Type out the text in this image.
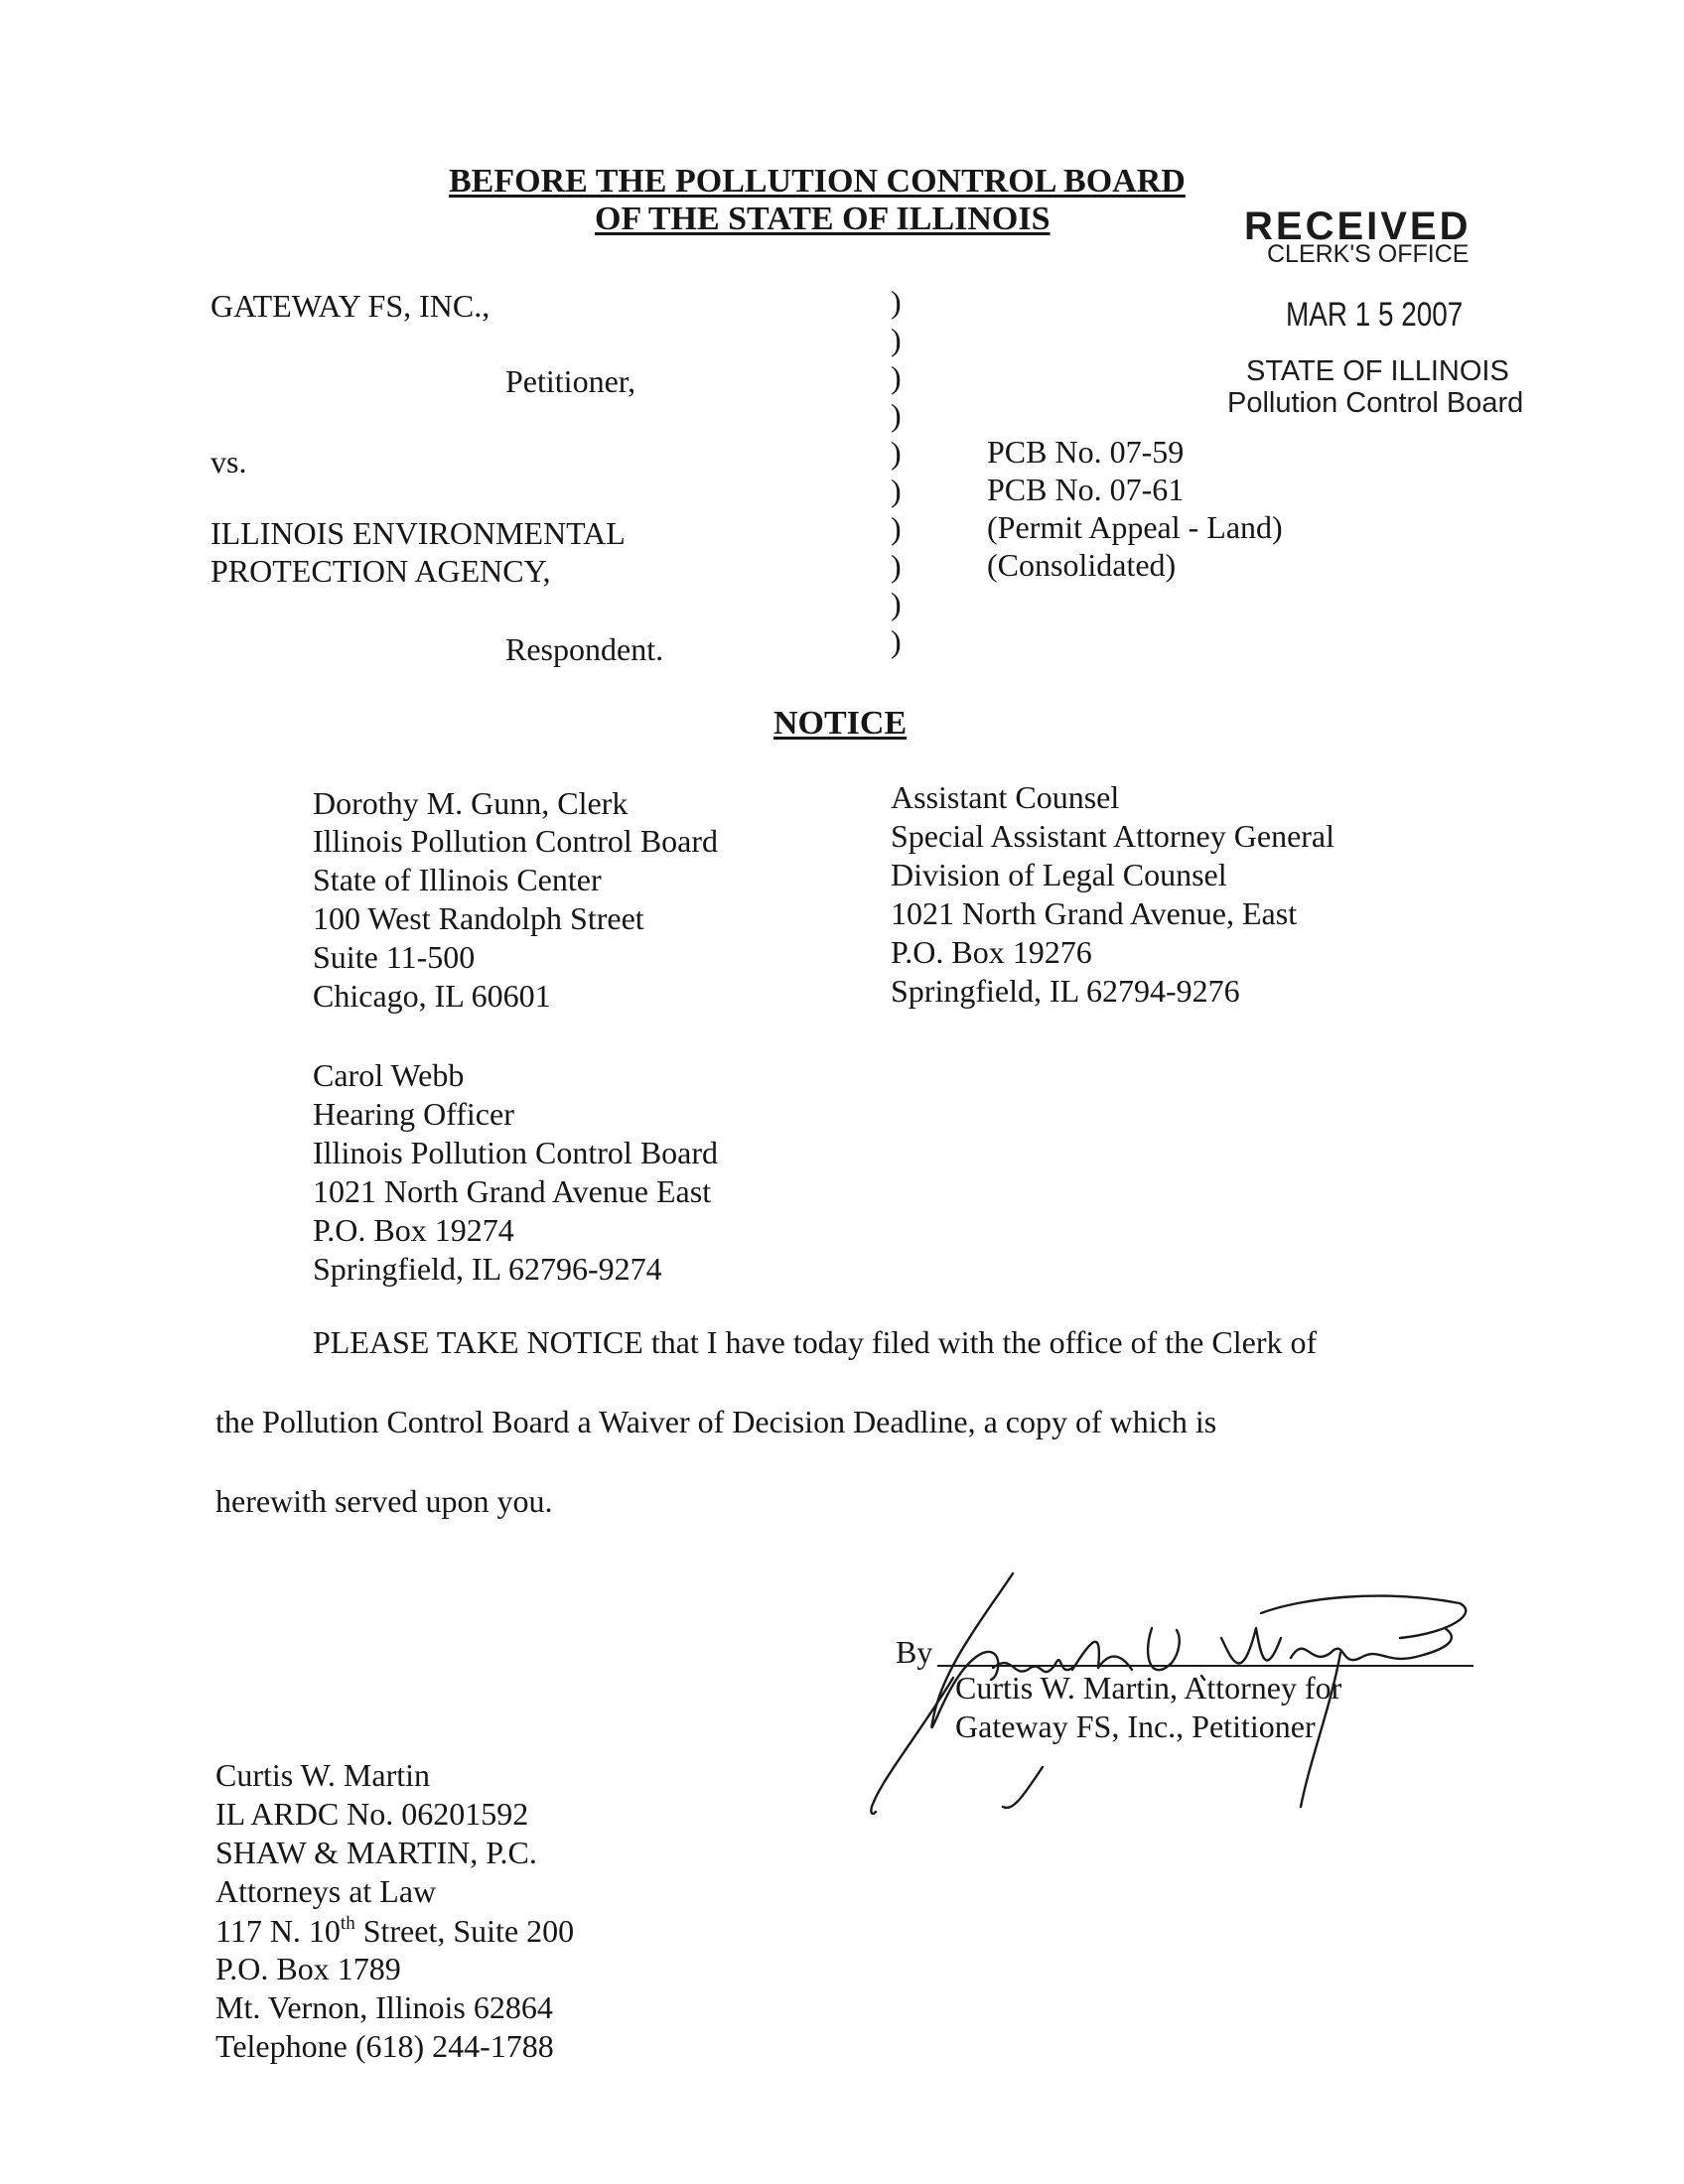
BEFORE THE POLLUTION CONTROL BOARD
OF THE STATE OF ILLINOIS	RECEIVED
CLERK'S OFFICE
MAR 1 5 2007
STATE OF ILLINOIS
Pollution Control Board
GATEWAY FS, INC.,
Petitioner,
vs.
ILLINOIS ENVIRONMENTAL
PROTECTION AGENCY,
Respondent.
)
)
)
)
)
)
)
)
)
)
PCB No. 07-59
PCB No. 07-61
(Permit Appeal - Land)
(Consolidated)
NOTICE
Dorothy M. Gunn, Clerk
Illinois Pollution Control Board
State of Illinois Center
100 West Randolph Street
Suite 11-500
Chicago, IL 60601
Assistant Counsel
Special Assistant Attorney General
Division of Legal Counsel
1021 North Grand Avenue, East
P.O. Box 19276
Springfield, IL 62794-9276
Carol Webb
Hearing Officer
Illinois Pollution Control Board
1021 North Grand Avenue East
P.O. Box 19274
Springfield, IL 62796-9274
PLEASE TAKE NOTICE that I have today filed with the office of the Clerk of
the Pollution Control Board a Waiver of Decision Deadline, a copy of which is
herewith served upon you.
By
Curtis W. Martin, Attorney for
Gateway FS, Inc., Petitioner
Curtis W. Martin
IL ARDC No. 06201592
SHAW & MARTIN, P.C.
Attorneys at Law
117 N. 10th Street, Suite 200
P.O. Box 1789
Mt. Vernon, Illinois 62864
Telephone (618) 244-1788
